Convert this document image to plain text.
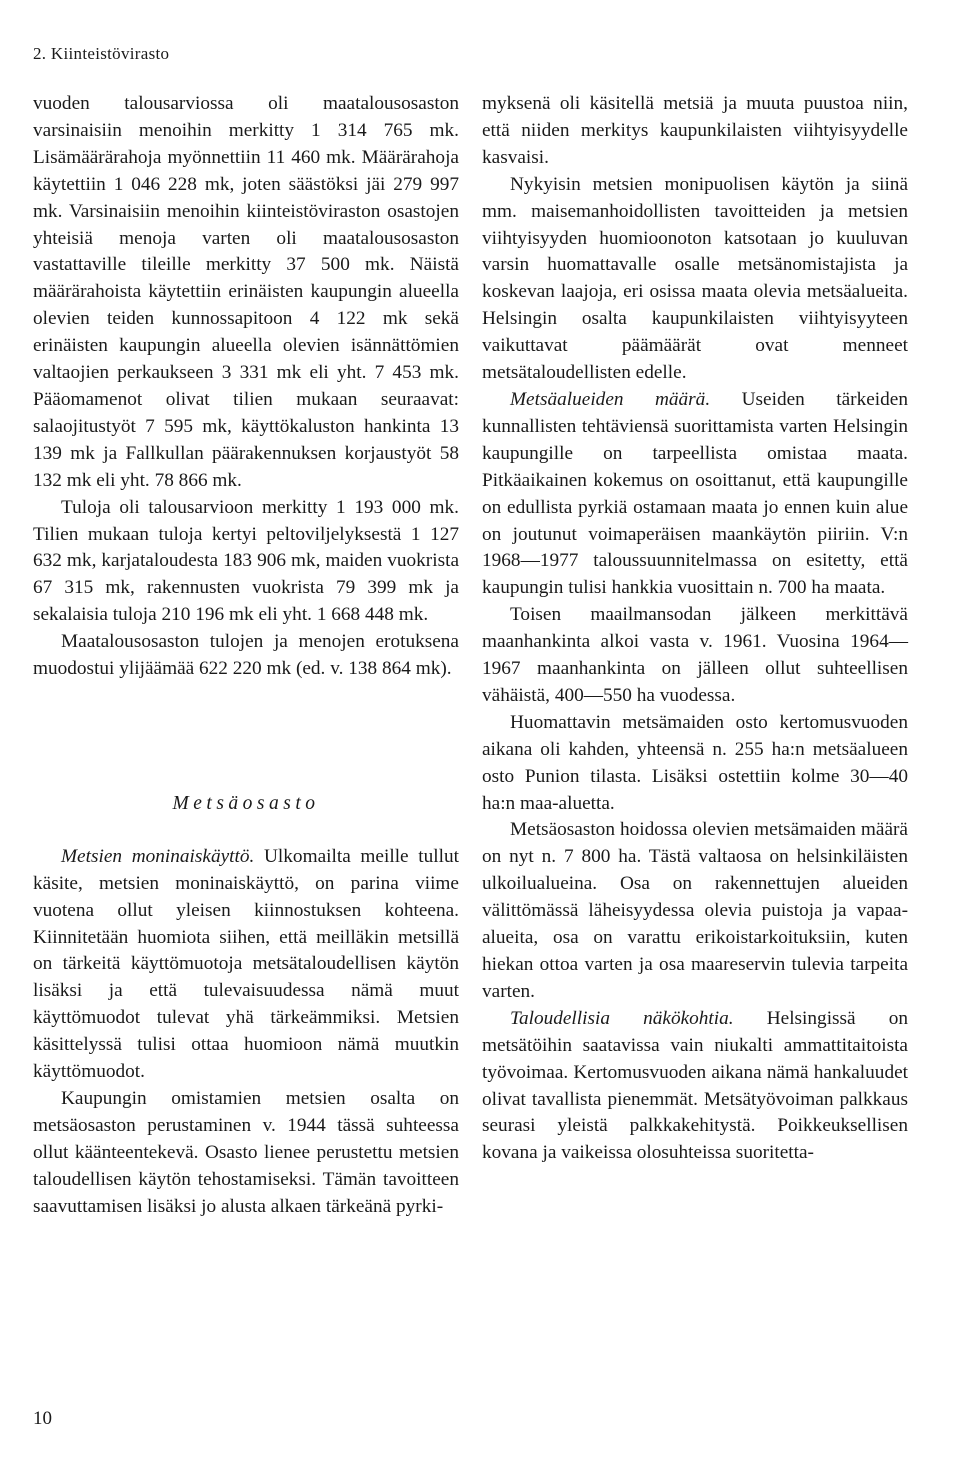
2. Kiinteistövirasto

vuoden talousarviossa oli maatalousosaston varsinaisiin menoihin merkitty 1 314 765 mk. Lisämäärärahoja myönnettiin 11 460 mk. Määrärahoja käytettiin 1 046 228 mk, joten säästöksi jäi 279 997 mk. Varsinaisiin menoihin kiinteistöviraston osastojen yhteisiä menoja varten oli maatalousosaston vastattaville tileille merkitty 37 500 mk. Näistä määrärahoista käytettiin erinäisten kaupungin alueella olevien teiden kunnossapitoon 4 122 mk sekä erinäisten kaupungin alueella olevien isännättömien valtaojien perkaukseen 3 331 mk eli yht. 7 453 mk. Pääomamenot olivat tilien mukaan seuraavat: salaojitustyöt 7 595 mk, käyttökaluston hankinta 13 139 mk ja Fallkullan päärakennuksen korjaustyöt 58 132 mk eli yht. 78 866 mk.

Tuloja oli talousarvioon merkitty 1 193 000 mk. Tilien mukaan tuloja kertyi peltoviljelyksestä 1 127 632 mk, karjataloudesta 183 906 mk, maiden vuokrista 67 315 mk, rakennusten vuokrista 79 399 mk ja sekalaisia tuloja 210 196 mk eli yht. 1 668 448 mk.

Maatalousosaston tulojen ja menojen erotuksena muodostui ylijäämää 622 220 mk (ed. v. 138 864 mk).

Metsäosasto

Metsien moninaiskäyttö. Ulkomailta meille tullut käsite, metsien moninaiskäyttö, on parina viime vuotena ollut yleisen kiinnostuksen kohteena. Kiinnitetään huomiota siihen, että meilläkin metsillä on tärkeitä käyttömuotoja metsätaloudellisen käytön lisäksi ja että tulevaisuudessa nämä muut käyttömuodot tulevat yhä tärkeämmiksi. Metsien käsittelyssä tulisi ottaa huomioon nämä muutkin käyttömuodot.

Kaupungin omistamien metsien osalta on metsäosaston perustaminen v. 1944 tässä suhteessa ollut käänteentekevä. Osasto lienee perustettu metsien taloudellisen käytön tehostamiseksi. Tämän tavoitteen saavuttamisen lisäksi jo alusta alkaen tärkeänä pyrki-

myksenä oli käsitellä metsiä ja muuta puustoa niin, että niiden merkitys kaupunkilaisten viihtyisyydelle kasvaisi.

Nykyisin metsien monipuolisen käytön ja siinä mm. maisemanhoidollisten tavoitteiden ja metsien viihtyisyyden huomioonoton katsotaan jo kuuluvan varsin huomattavalle osalle metsänomistajista ja koskevan laajoja, eri osissa maata olevia metsäalueita. Helsingin osalta kaupunkilaisten viihtyisyyteen vaikuttavat päämäärät ovat menneet metsätaloudellisten edelle.

Metsäalueiden määrä. Useiden tärkeiden kunnallisten tehtäviensä suorittamista varten Helsingin kaupungille on tarpeellista omistaa maata. Pitkäaikainen kokemus on osoittanut, että kaupungille on edullista pyrkiä ostamaan maata jo ennen kuin alue on joutunut voimaperäisen maankäytön piiriin. V:n 1968—1977 taloussuunnitelmassa on esitetty, että kaupungin tulisi hankkia vuosittain n. 700 ha maata.

Toisen maailmansodan jälkeen merkittävä maanhankinta alkoi vasta v. 1961. Vuosina 1964—1967 maanhankinta on jälleen ollut suhteellisen vähäistä, 400—550 ha vuodessa.

Huomattavin metsämaiden osto kertomusvuoden aikana oli kahden, yhteensä n. 255 ha:n metsäalueen osto Punion tilasta. Lisäksi ostettiin kolme 30—40 ha:n maa-aluetta.

Metsäosaston hoidossa olevien metsämaiden määrä on nyt n. 7 800 ha. Tästä valtaosa on helsinkiläisten ulkoilualueina. Osa on rakennettujen alueiden välittömässä läheisyydessa olevia puistoja ja vapaa-alueita, osa on varattu erikoistarkoituksiin, kuten hiekan ottoa varten ja osa maareservin tulevia tarpeita varten.

Taloudellisia näkökohtia. Helsingissä on metsätöihin saatavissa vain niukalti ammattitaitoista työvoimaa. Kertomusvuoden aikana nämä hankaluudet olivat tavallista pienemmät. Metsätyövoiman palkkaus seurasi yleistä palkkakehitystä. Poikkeuksellisen kovana ja vaikeissa olosuhteissa suoritetta-

10
